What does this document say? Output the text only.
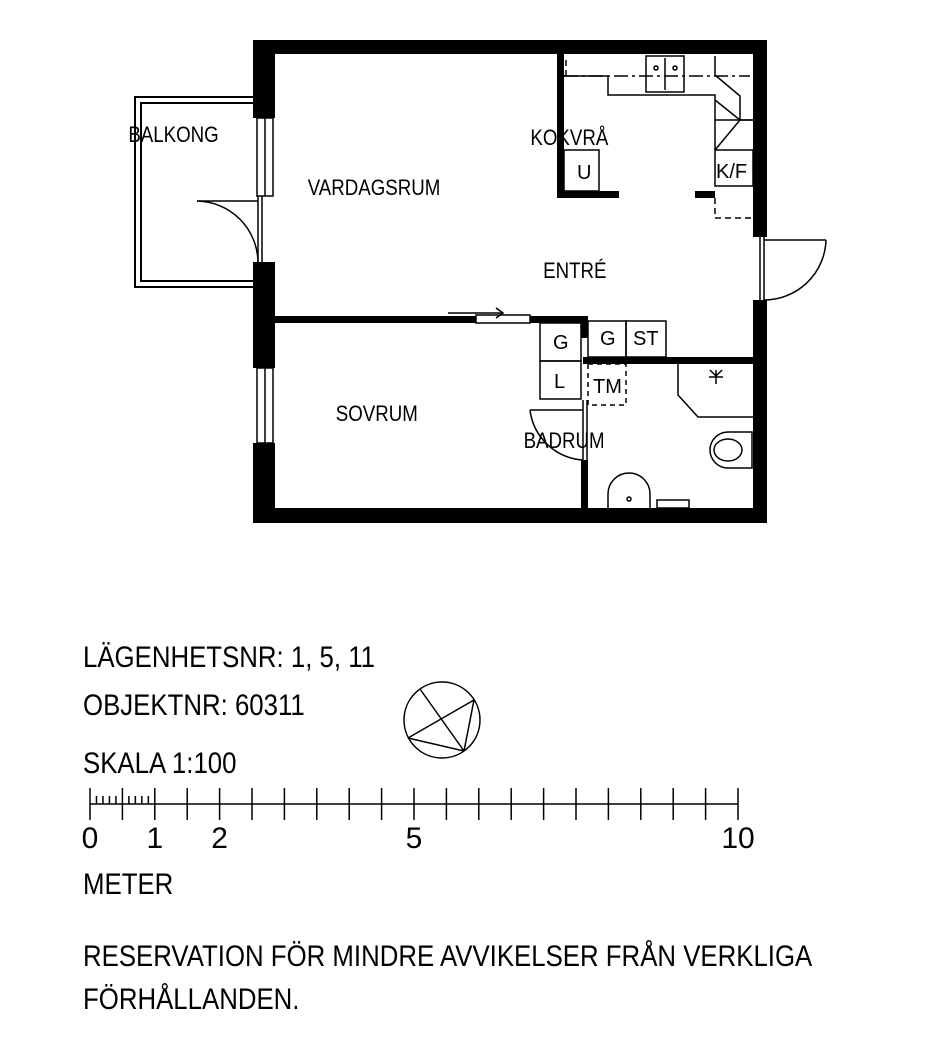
BALKONG
VARDAGSRUM
KOKVRÅ
ENTRÉ
SOVRUM
BADRUM
U	K/F
G ST
G
L TM
0 1 2	5	10
LÄGENHETSNR: 1, 5, 11
OBJEKTNR: 60311
SKALA 1:100
METER
RESERVATION FÖR MINDRE AVVIKELSER FRÅN VERKLIGA
FÖRHÅLLANDEN.
